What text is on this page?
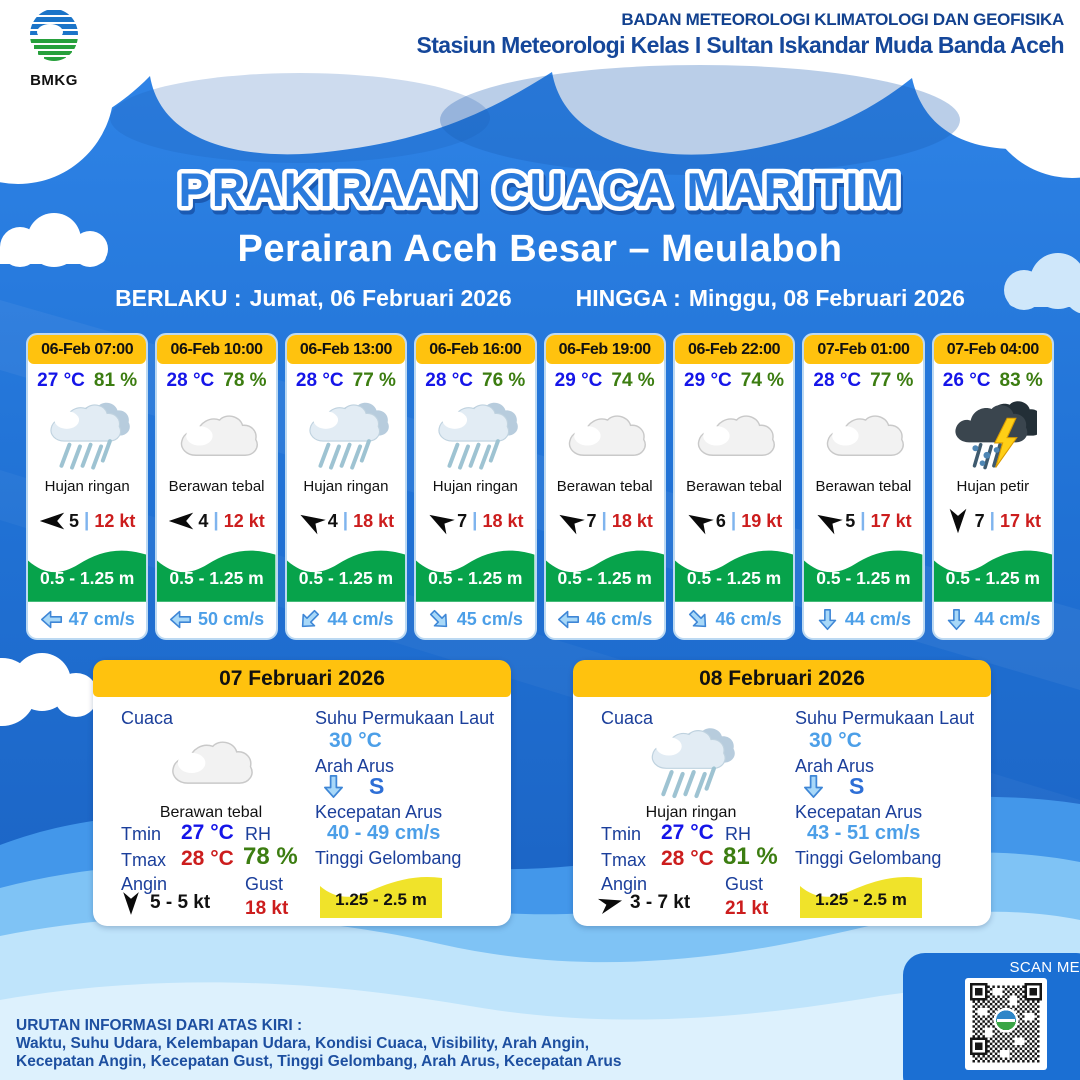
BMKG
BADAN METEOROLOGI KLIMATOLOGI DAN GEOFISIKA
Stasiun Meteorologi Kelas I Sultan Iskandar Muda Banda Aceh
PRAKIRAAN CUACA MARITIM
Perairan Aceh Besar – Meulaboh
BERLAKU : Jumat, 06 Februari 2026	HINGGA : Minggu, 08 Februari 2026
06-Feb 07:00
27 °C 81 %
Hujan ringan
5 | 12 kt
0.5 - 1.25 m
47 cm/s
06-Feb 10:00
28 °C 78 %
Berawan tebal
4 | 12 kt
0.5 - 1.25 m
50 cm/s
06-Feb 13:00
28 °C 77 %
Hujan ringan
4 | 18 kt
0.5 - 1.25 m
44 cm/s
06-Feb 16:00
28 °C 76 %
Hujan ringan
7 | 18 kt
0.5 - 1.25 m
45 cm/s
06-Feb 19:00
29 °C 74 %
Berawan tebal
7 | 18 kt
0.5 - 1.25 m
46 cm/s
06-Feb 22:00
29 °C 74 %
Berawan tebal
6 | 19 kt
0.5 - 1.25 m
46 cm/s
07-Feb 01:00
28 °C 77 %
Berawan tebal
5 | 17 kt
0.5 - 1.25 m
44 cm/s
07-Feb 04:00
26 °C 83 %
Hujan petir
7 | 17 kt
0.5 - 1.25 m
44 cm/s
07 Februari 2026
Cuaca
Berawan tebal
Tmin 27 °C
Tmax 28 °C
Angin
5 - 5 kt
RH
78 %
Gust
18 kt
Suhu Permukaan Laut
30 °C
Arah Arus
S
Kecepatan Arus
40 - 49 cm/s
Tinggi Gelombang
1.25 - 2.5 m
08 Februari 2026
Cuaca
Hujan ringan
Tmin 27 °C
Tmax 28 °C
Angin
3 - 7 kt
RH
81 %
Gust
21 kt
Suhu Permukaan Laut
30 °C
Arah Arus
S
Kecepatan Arus
43 - 51 cm/s
Tinggi Gelombang
1.25 - 2.5 m
URUTAN INFORMASI DARI ATAS KIRI :
Waktu, Suhu Udara, Kelembapan Udara, Kondisi Cuaca, Visibility, Arah Angin,
Kecepatan Angin, Kecepatan Gust, Tinggi Gelombang, Arah Arus, Kecepatan Arus
SCAN ME
